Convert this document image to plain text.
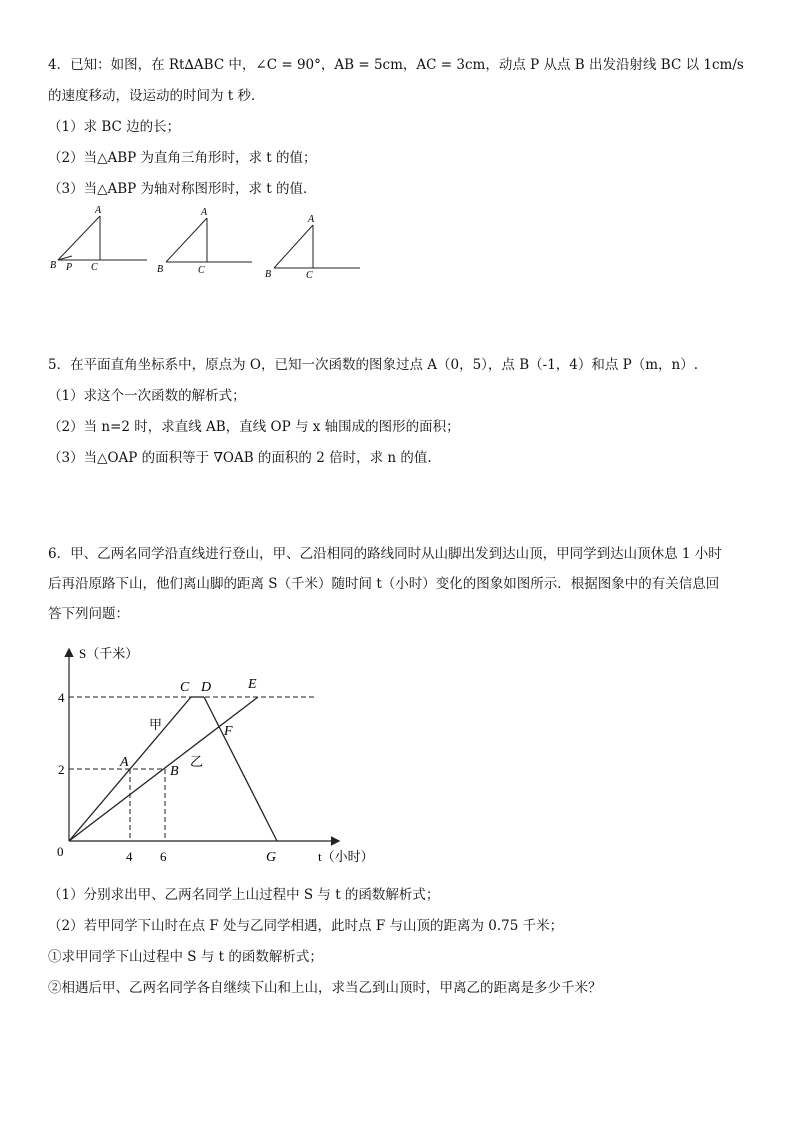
4．已知：如图，在 Rt∆ABC 中，∠C = 90°，AB = 5cm，AC = 3cm，动点 P 从点 B 出发沿射线 BC 以 1cm/s
的速度移动，设运动的时间为 t 秒．
（1）求 BC 边的长；
（2）当△ABP 为直角三角形时，求 t 的值；
（3）当△ABP 为轴对称图形时，求 t 的值．
A
B P C
A
B	C
A
B	C
5．在平面直角坐标系中，原点为 O，已知一次函数的图象过点 A（0，5），点 B（-1，4）和点 P（m，n）.
（1）求这个一次函数的解析式；
（2）当 n=2 时，求直线 AB，直线 OP 与 x 轴围成的图形的面积；
（3）当△OAP 的面积等于 ∇OAB 的面积的 2 倍时，求 n 的值.
6．甲、乙两名同学沿直线进行登山，甲、乙沿相同的路线同时从山脚出发到达山顶，甲同学到达山顶休息 1 小时
后再沿原路下山，他们离山脚的距离 S（千米）随时间 t（小时）变化的图象如图所示．根据图象中的有关信息回
答下列问题：
S（千米）
t（小时）
0
4
2
4 6
C D	E
F
A
B
G
甲
乙
（1）分别求出甲、乙两名同学上山过程中 S 与 t 的函数解析式；
（2）若甲同学下山时在点 F 处与乙同学相遇，此时点 F 与山顶的距离为 0.75 千米；
①求甲同学下山过程中 S 与 t 的函数解析式；
②相遇后甲、乙两名同学各自继续下山和上山，求当乙到山顶时，甲离乙的距离是多少千米？
